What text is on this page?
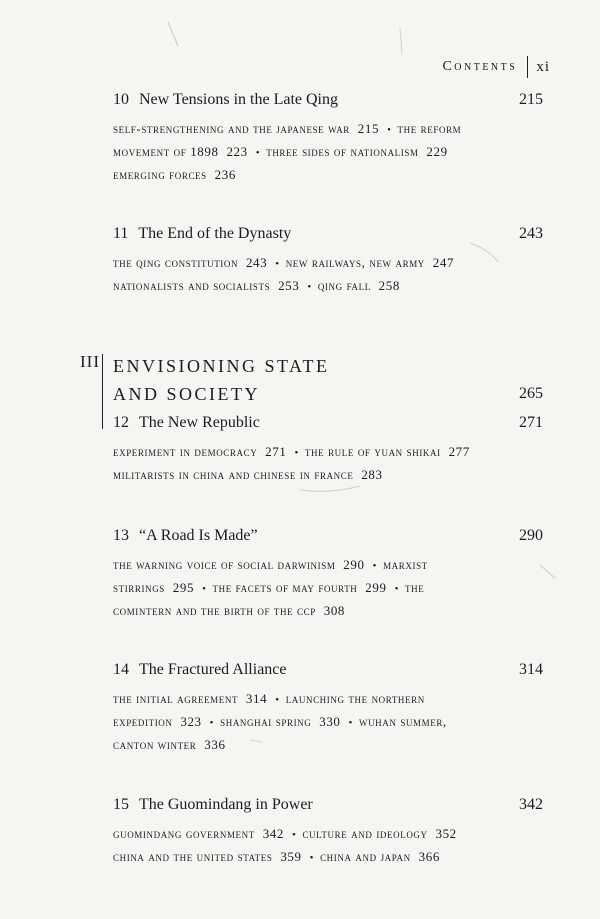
Contents xi
10 New Tensions in the Late Qing	215
self-strengthening and the japanese war 215 • the reform
movement of 1898 223 • three sides of nationalism 229
emerging forces 236
11 The End of the Dynasty	243
the qing constitution 243 • new railways, new army 247
nationalists and socialists 253 • qing fall 258
III ENVISIONING STATE
AND SOCIETY	265
12 The New Republic	271
experiment in democracy 271 • the rule of yuan shikai 277
militarists in china and chinese in france 283
13 “A Road Is Made”	290
the warning voice of social darwinism 290 • marxist
stirrings 295 • the facets of may fourth 299 • the
comintern and the birth of the ccp 308
14 The Fractured Alliance	314
the initial agreement 314 • launching the northern
expedition 323 • shanghai spring 330 • wuhan summer,
canton winter 336
15 The Guomindang in Power	342
guomindang government 342 • culture and ideology 352
china and the united states 359 • china and japan 366
